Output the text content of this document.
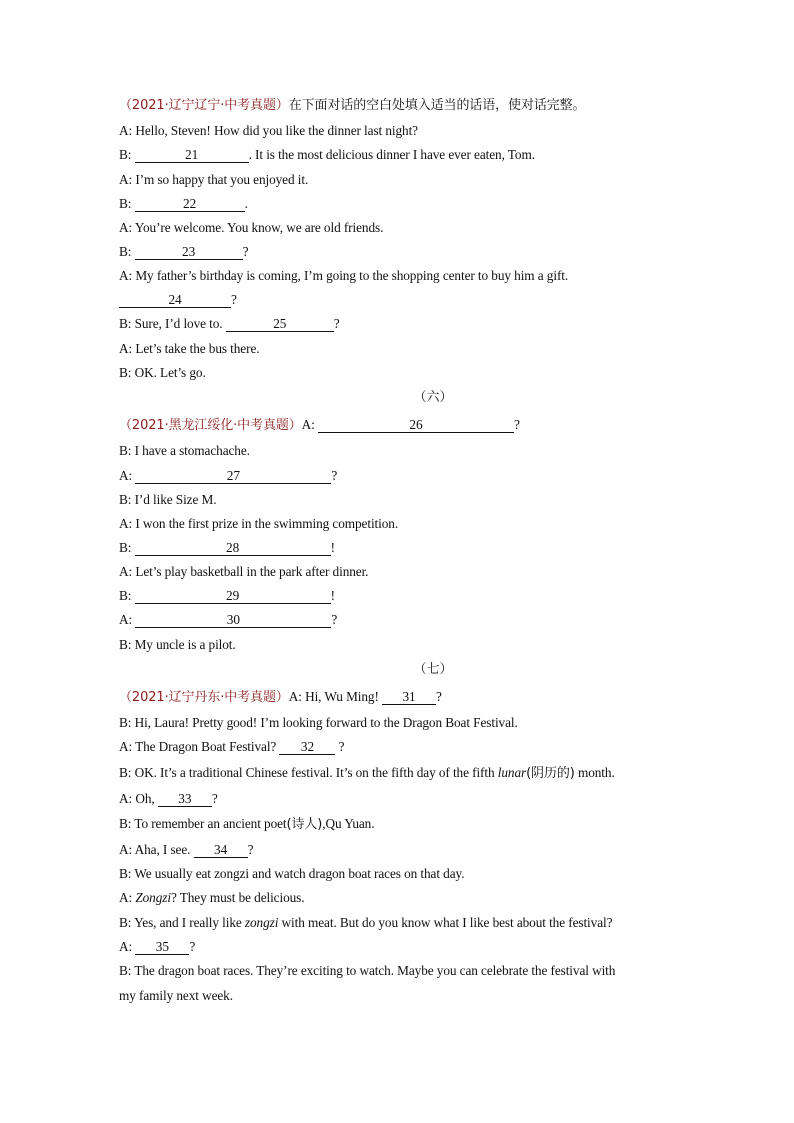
（2021·辽宁辽宁·中考真题）在下面对话的空白处填入适当的话语，使对话完整。
A: Hello, Steven! How did you like the dinner last night?
B:	21	. It is the most delicious dinner I have ever eaten, Tom.
A: I’m so happy that you enjoyed it.
B:	22	.
A: You’re welcome. You know, we are old friends.
B:	23	?
A: My father’s birthday is coming, I’m going to the shopping center to buy him a gift.
24	?
B: Sure, I’d love to.	25	?
A: Let’s take the bus there.
B: OK. Let’s go.
（六）
（2021·黑龙江绥化·中考真题）A:	26	?
B: I have a stomachache.
A:	27	?
B: I’d like Size M.
A: I won the first prize in the swimming competition.
B:	28	!
A: Let’s play basketball in the park after dinner.
B:	29	!
A:	30	?
B: My uncle is a pilot.
（七）
（2021·辽宁丹东·中考真题）A: Hi, Wu Ming! 31 ?
B: Hi, Laura! Pretty good! I’m looking forward to the Dragon Boat Festival.
A: The Dragon Boat Festival? 32 ?
B: OK. It’s a traditional Chinese festival. It’s on the fifth day of the fifth lunar(阴历的) month.
A: Oh, 33 ?
B: To remember an ancient poet(诗人),Qu Yuan.
A: Aha, I see. 34 ?
B: We usually eat zongzi and watch dragon boat races on that day.
A: Zongzi? They must be delicious.
B: Yes, and I really like zongzi with meat. But do you know what I like best about the festival?
A: 35 ?
B: The dragon boat races. They’re exciting to watch. Maybe you can celebrate the festival with
my family next week.
